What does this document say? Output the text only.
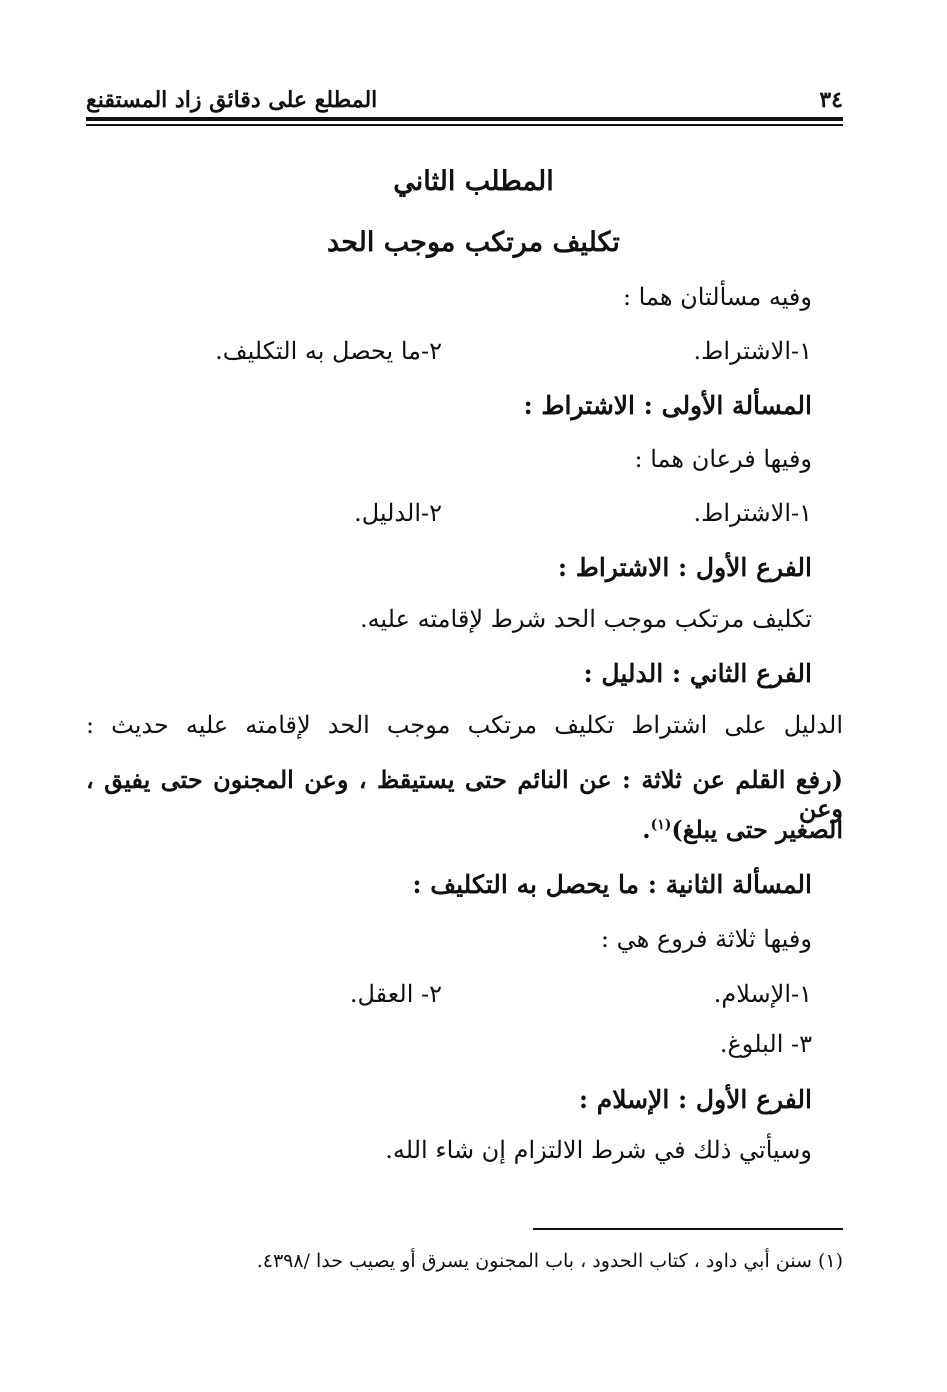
٣٤
المطلع على دقائق زاد المستقنع
المطلب الثاني
تكليف مرتكب موجب الحد
وفيه مسألتان هما :
١-الاشتراط.
٢-ما يحصل به التكليف.
المسألة الأولى : الاشتراط :
وفيها فرعان هما :
١-الاشتراط.
٢-الدليل.
الفرع الأول : الاشتراط :
تكليف مرتكب موجب الحد شرط لإقامته عليه.
الفرع الثاني : الدليل :
الدليل على اشتراط تكليف مرتكب موجب الحد لإقامته عليه حديث :
(رفع القلم عن ثلاثة : عن النائم حتى يستيقظ ، وعن المجنون حتى يفيق ، وعن
الصغير حتى يبلغ)$^{(١)}$.
المسألة الثانية : ما يحصل به التكليف :
وفيها ثلاثة فروع هي :
١-الإسلام.
٢- العقل.
٣- البلوغ.
الفرع الأول : الإسلام :
وسيأتي ذلك في شرط الالتزام إن شاء الله.
(١) سنن أبي داود ، كتاب الحدود ، باب المجنون يسرق أو يصيب حدا /٤٣٩٨.
